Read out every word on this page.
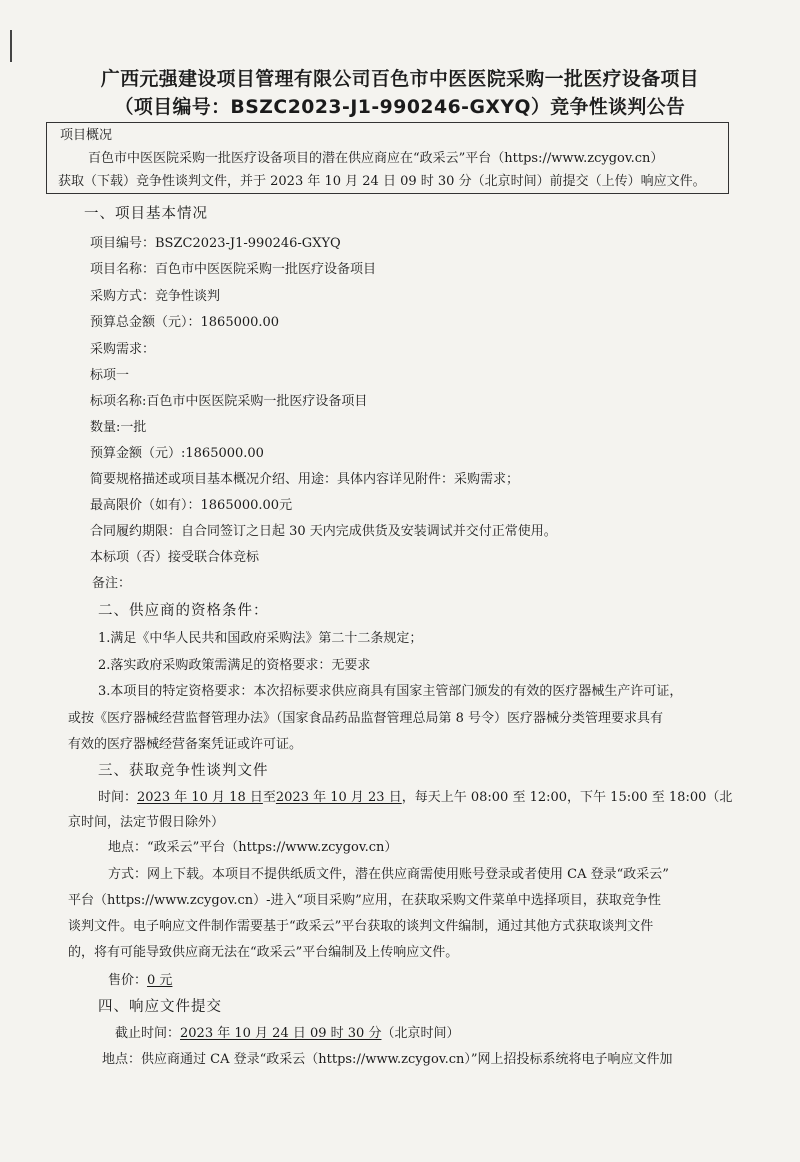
广西元强建设项目管理有限公司百色市中医医院采购一批医疗设备项目
（项目编号：BSZC2023-J1-990246-GXYQ）竞争性谈判公告
项目概况
百色市中医医院采购一批医疗设备项目的潜在供应商应在“政采云”平台（https://www.zcygov.cn）
获取（下载）竞争性谈判文件，并于 2023 年 10 月 24 日 09 时 30 分（北京时间）前提交（上传）响应文件。
一、项目基本情况
项目编号：BSZC2023-J1-990246-GXYQ
项目名称：百色市中医医院采购一批医疗设备项目
采购方式：竞争性谈判
预算总金额（元）：1865000.00
采购需求：
标项一
标项名称:百色市中医医院采购一批医疗设备项目
数量:一批
预算金额（元）:1865000.00
简要规格描述或项目基本概况介绍、用途：具体内容详见附件：采购需求；
最高限价（如有）：1865000.00元
合同履约期限：自合同签订之日起 30 天内完成供货及安装调试并交付正常使用。
本标项（否）接受联合体竞标
备注：
二、供应商的资格条件：
1.满足《中华人民共和国政府采购法》第二十二条规定；
2.落实政府采购政策需满足的资格要求：无要求
3.本项目的特定资格要求：本次招标要求供应商具有国家主管部门颁发的有效的医疗器械生产许可证，
或按《医疗器械经营监督管理办法》（国家食品药品监督管理总局第 8 号令）医疗器械分类管理要求具有
有效的医疗器械经营备案凭证或许可证。
三、获取竞争性谈判文件
时间：2023 年 10 月 18 日至2023 年 10 月 23 日，每天上午 08:00 至 12:00，下午 15:00 至 18:00（北
京时间，法定节假日除外）
地点：“政采云”平台（https://www.zcygov.cn）
方式：网上下载。本项目不提供纸质文件，潜在供应商需使用账号登录或者使用 CA 登录“政采云”
平台（https://www.zcygov.cn）-进入“项目采购”应用，在获取采购文件菜单中选择项目，获取竞争性
谈判文件。电子响应文件制作需要基于“政采云”平台获取的谈判文件编制，通过其他方式获取谈判文件
的，将有可能导致供应商无法在“政采云”平台编制及上传响应文件。
售价：0 元
四、响应文件提交
截止时间：2023 年 10 月 24 日 09 时 30 分（北京时间）
地点：供应商通过 CA 登录“政采云（https://www.zcygov.cn）”网上招投标系统将电子响应文件加
